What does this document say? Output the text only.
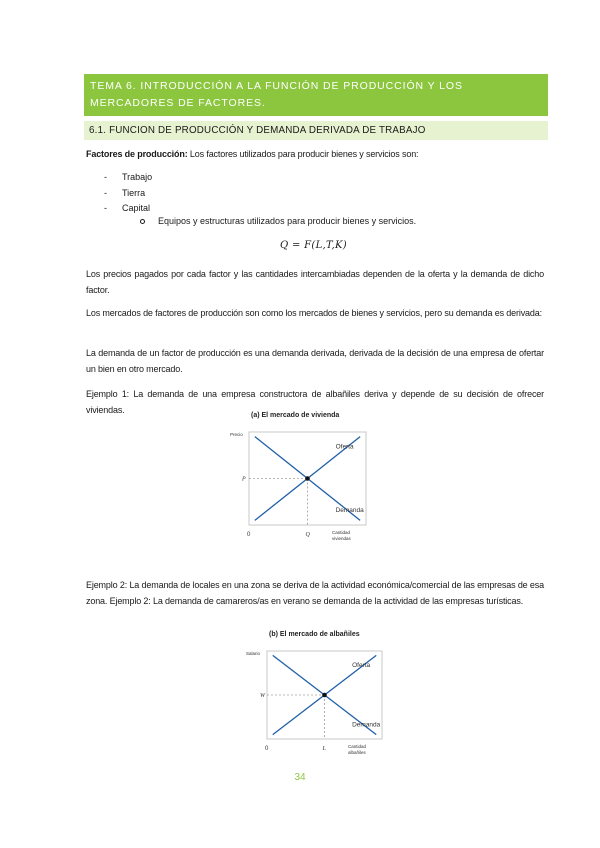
TEMA 6. INTRODUCCIÓN A LA FUNCIÓN DE PRODUCCIÓN Y LOS MERCADORES DE FACTORES.
6.1. FUNCION DE PRODUCCIÓN Y DEMANDA DERIVADA DE TRABAJO
Factores de producción: Los factores utilizados para producir bienes y servicios son:
-	Trabajo
-	Tierra
-	Capital
Equipos y estructuras utilizados para producir bienes y servicios.
Q = F(L,T,K)
Los precios pagados por cada factor y las cantidades intercambiadas dependen de la oferta y la demanda de dicho factor.
Los mercados de factores de producción son como los mercados de bienes y servicios, pero su demanda es derivada:
La demanda de un factor de producción es una demanda derivada, derivada de la decisión de una empresa de ofertar un bien en otro mercado.
Ejemplo 1: La demanda de una empresa constructora de albañiles deriva y depende de su decisión de ofrecer viviendas.
(a) El mercado de vivienda
Precio
Oferta
Demanda
P
Q
0	Cantidad
viviendas
Ejemplo 2: La demanda de locales en una zona se deriva de la actividad económica/comercial de las empresas de esa zona. Ejemplo 2: La demanda de camareros/as en verano se demanda de la actividad de las empresas turísticas.
(b) El mercado de albañiles
Salario
Oferta
Demanda
W
L
0	Cantidad
albañiles
34
